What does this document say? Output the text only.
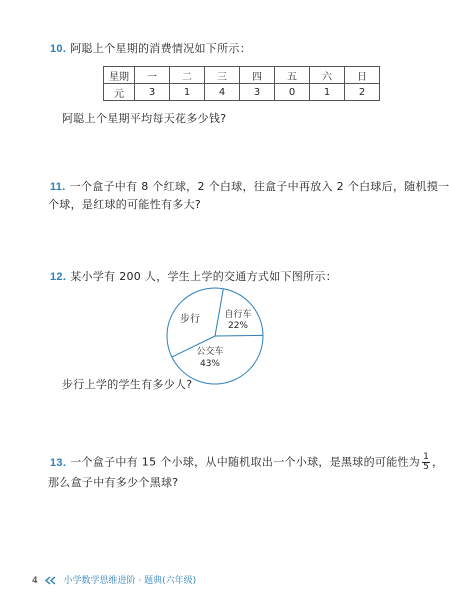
10. 阿聪上个星期的消费情况如下所示：
星期	一	二	三	四	五	六	日
元	3	1	4	3	0	1	2
阿聪上个星期平均每天花多少钱?
11. 一个盒子中有 8 个红球，2 个白球，往盒子中再放入 2 个白球后，随机摸一
个球，是红球的可能性有多大?
12. 某小学有 200 人，学生上学的交通方式如下图所示：
步行	自行车
22%
公交车
43%
步行上学的学生有多少人?
13. 一个盒子中有 15 个小球，从中随机取出一个小球，是黑球的可能性为 $\frac{1}{5}$ ，
那么盒子中有多少个黑球?
4	小学数学思维进阶 · 题典(六年级)
